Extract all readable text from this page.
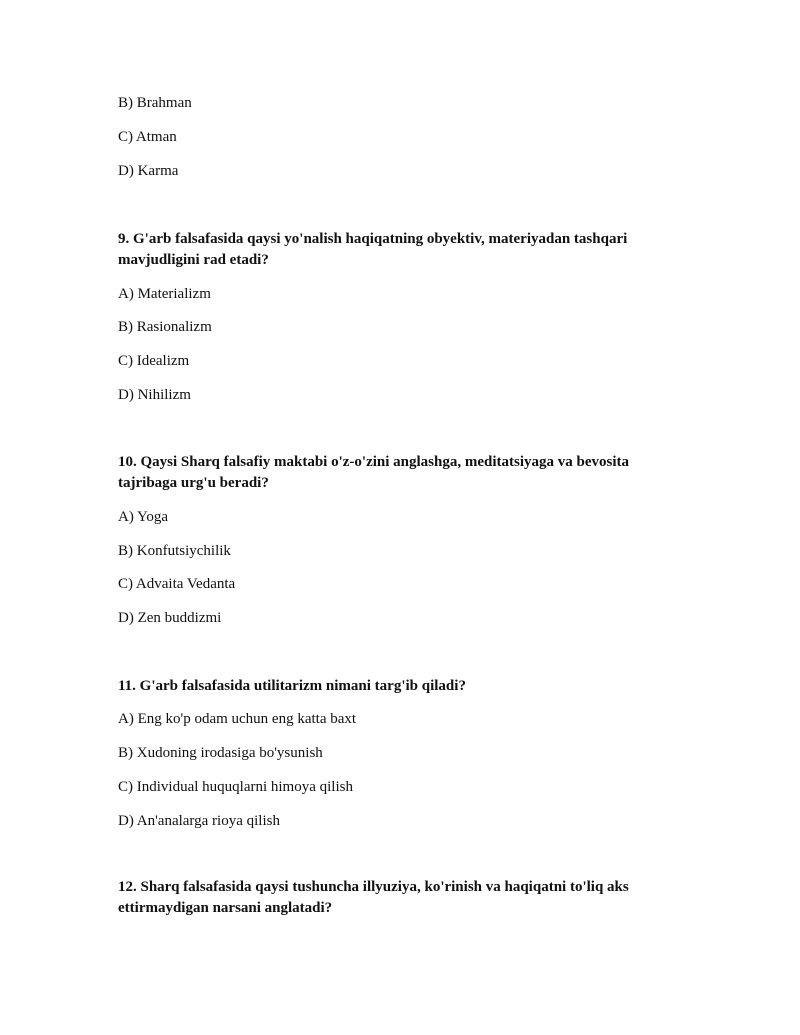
B) Brahman
C) Atman
D) Karma
9. G'arb falsafasida qaysi yo'nalish haqiqatning obyektiv, materiyadan tashqari mavjudligini rad etadi?
A) Materializm
B) Rasionalizm
C) Idealizm
D) Nihilizm
10. Qaysi Sharq falsafiy maktabi o'z-o'zini anglashga, meditatsiyaga va bevosita tajribaga urg'u beradi?
A) Yoga
B) Konfutsiychilik
C) Advaita Vedanta
D) Zen buddizmi
11. G'arb falsafasida utilitarizm nimani targ'ib qiladi?
A) Eng ko'p odam uchun eng katta baxt
B) Xudoning irodasiga bo'ysunish
C) Individual huquqlarni himoya qilish
D) An'analarga rioya qilish
12. Sharq falsafasida qaysi tushuncha illyuziya, ko'rinish va haqiqatni to'liq aks ettirmaydigan narsani anglatadi?
